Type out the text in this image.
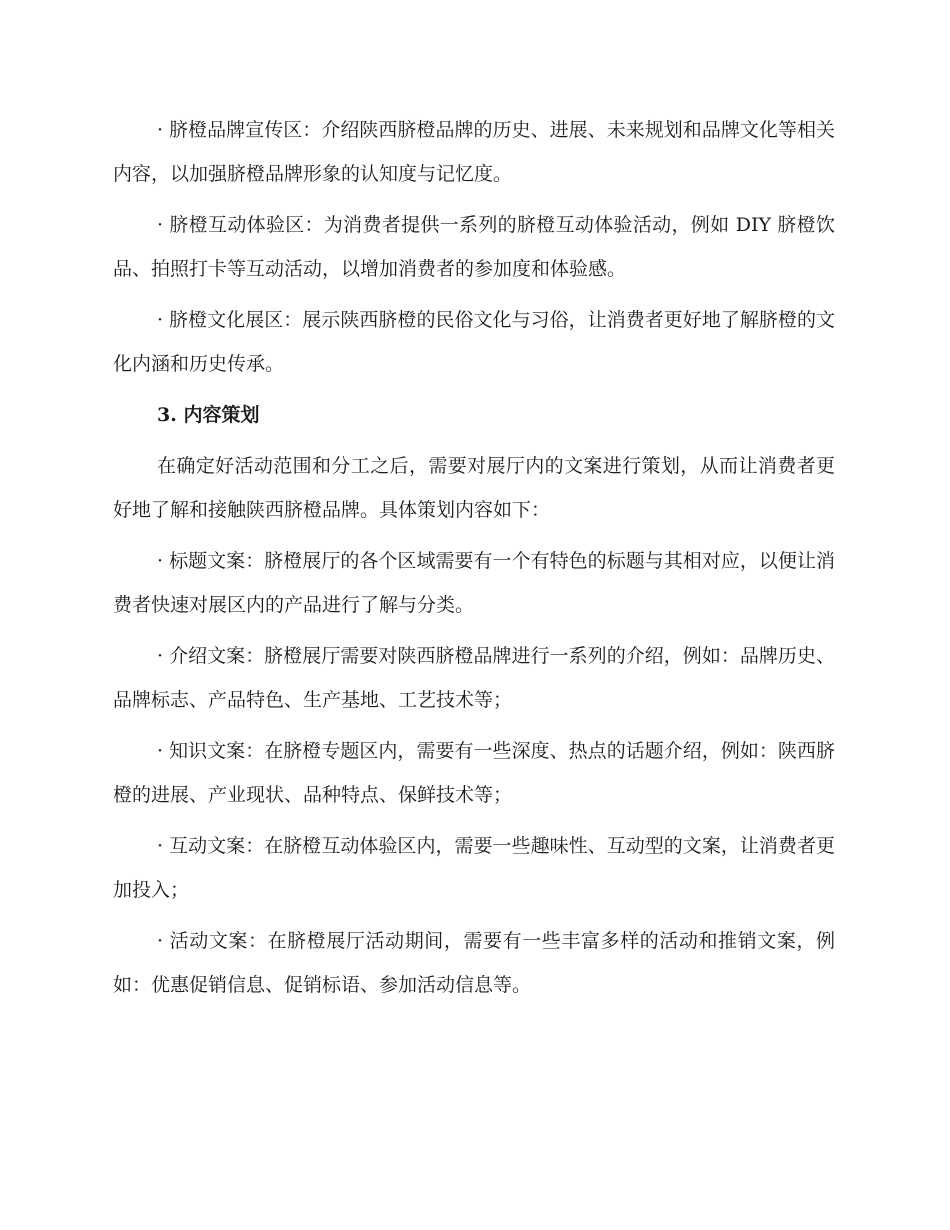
· 脐橙品牌宣传区：介绍陕西脐橙品牌的历史、进展、未来规划和品牌文化等相关内容，以加强脐橙品牌形象的认知度与记忆度。

· 脐橙互动体验区：为消费者提供一系列的脐橙互动体验活动，例如 DIY 脐橙饮品、拍照打卡等互动活动，以增加消费者的参加度和体验感。

· 脐橙文化展区：展示陕西脐橙的民俗文化与习俗，让消费者更好地了解脐橙的文化内涵和历史传承。

3. 内容策划

在确定好活动范围和分工之后，需要对展厅内的文案进行策划，从而让消费者更好地了解和接触陕西脐橙品牌。具体策划内容如下：

· 标题文案：脐橙展厅的各个区域需要有一个有特色的标题与其相对应，以便让消费者快速对展区内的产品进行了解与分类。

· 介绍文案：脐橙展厅需要对陕西脐橙品牌进行一系列的介绍，例如：品牌历史、品牌标志、产品特色、生产基地、工艺技术等；

· 知识文案：在脐橙专题区内，需要有一些深度、热点的话题介绍，例如：陕西脐橙的进展、产业现状、品种特点、保鲜技术等；

· 互动文案：在脐橙互动体验区内，需要一些趣味性、互动型的文案，让消费者更加投入；

· 活动文案：在脐橙展厅活动期间，需要有一些丰富多样的活动和推销文案，例如：优惠促销信息、促销标语、参加活动信息等。
